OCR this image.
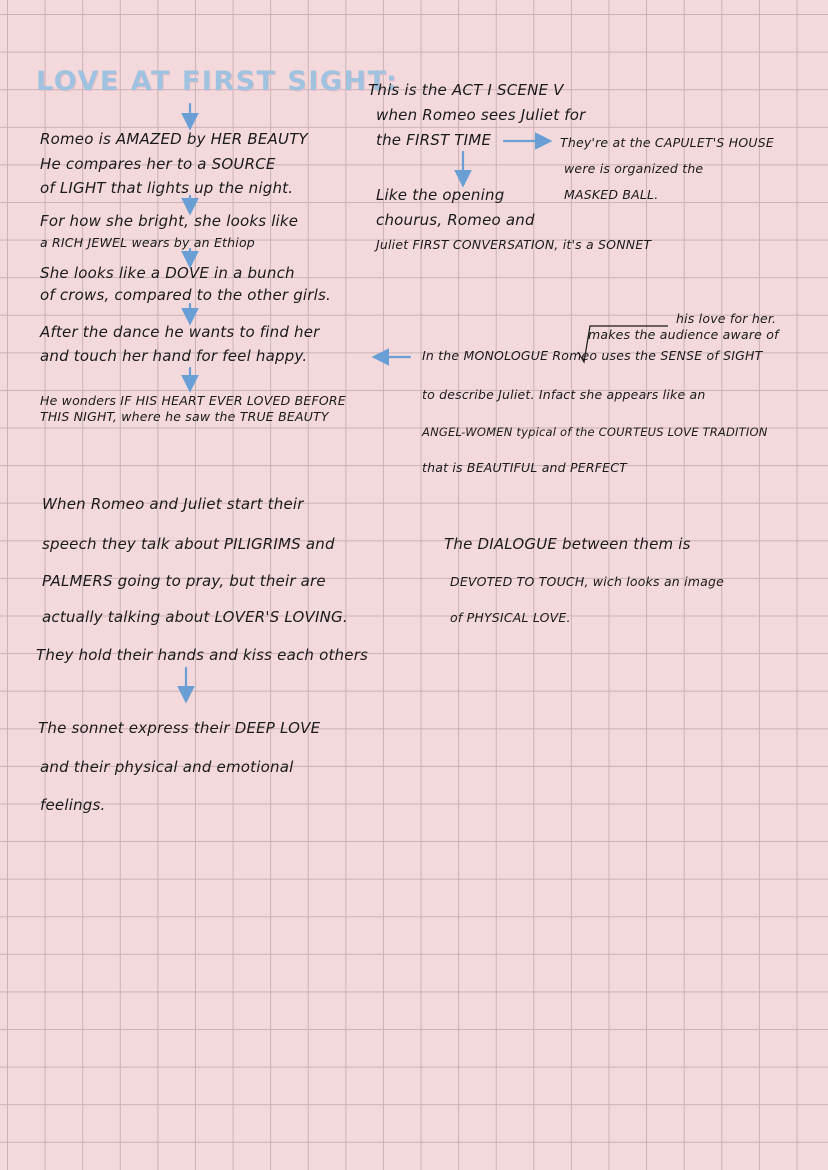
LOVE AT FIRST SIGHT:
Romeo is AMAZED by HER BEAUTY
He compares her to a SOURCE
of LIGHT that lights up the night.
For how she bright, she looks like
a RICH JEWEL wears by an Ethiop
She looks like a DOVE in a bunch
of crows, compared to the other girls.
After the dance he wants to find her
and touch her hand for feel happy.
He wonders IF HIS HEART EVER LOVED BEFORE
THIS NIGHT, where he saw the TRUE BEAUTY
This is the ACT I SCENE V
when Romeo sees Juliet for
the FIRST TIME	They're at the CAPULET'S HOUSE
were is organized the
MASKED BALL.
Like the opening
chourus, Romeo and
Juliet FIRST CONVERSATION, it's a SONNET
his love for her.
makes the audience aware of
In the MONOLOGUE Romeo uses the SENSE of SIGHT
to describe Juliet. Infact she appears like an
ANGEL-WOMEN typical of the COURTEUS LOVE TRADITION
that is BEAUTIFUL and PERFECT
When Romeo and Juliet start their
speech they talk about PILIGRIMS and
PALMERS going to pray, but their are
actually talking about LOVER'S LOVING.
They hold their hands and kiss each others
The DIALOGUE between them is
DEVOTED TO TOUCH, wich looks an image
of PHYSICAL LOVE.
The sonnet express their DEEP LOVE
and their physical and emotional
feelings.
